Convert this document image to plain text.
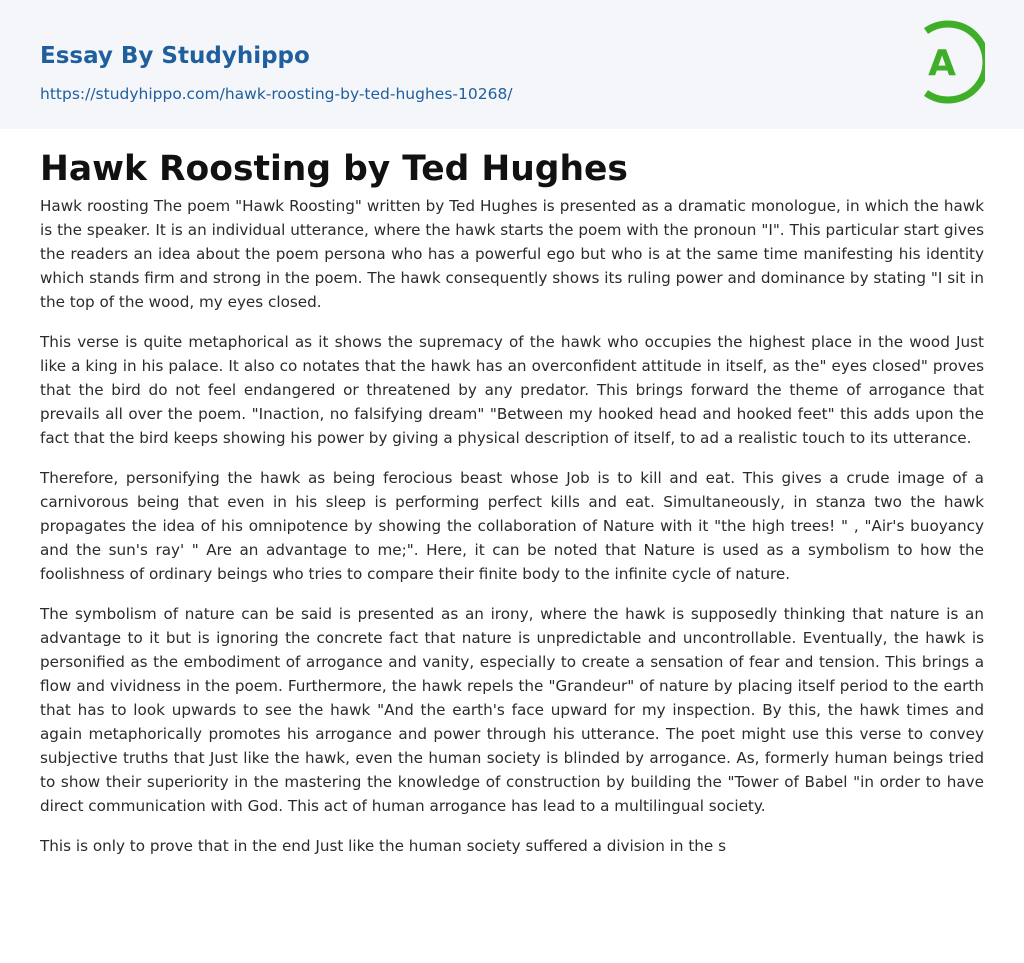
Essay By Studyhippo
https://studyhippo.com/hawk-roosting-by-ted-hughes-10268/
A
Hawk Roosting by Ted Hughes

Hawk roosting The poem "Hawk Roosting" written by Ted Hughes is presented as a dramatic monologue, in which the hawk is the speaker. It is an individual utterance, where the hawk starts the poem with the pronoun "I". This particular start gives the readers an idea about the poem persona who has a powerful ego but who is at the same time manifesting his identity which stands firm and strong in the poem. The hawk consequently shows its ruling power and dominance by stating "I sit in the top of the wood, my eyes closed.

This verse is quite metaphorical as it shows the supremacy of the hawk who occupies the highest place in the wood Just like a king in his palace. It also co notates that the hawk has an overconfident attitude in itself, as the" eyes closed" proves that the bird do not feel endangered or threatened by any predator. This brings forward the theme of arrogance that prevails all over the poem. "Inaction, no falsifying dream" "Between my hooked head and hooked feet" this adds upon the fact that the bird keeps showing his power by giving a physical description of itself, to ad a realistic touch to its utterance.

Therefore, personifying the hawk as being ferocious beast whose Job is to kill and eat. This gives a crude image of a carnivorous being that even in his sleep is performing perfect kills and eat. Simultaneously, in stanza two the hawk propagates the idea of his omnipotence by showing the collaboration of Nature with it "the high trees! " , "Air's buoyancy and the sun's ray' " Are an advantage to me;". Here, it can be noted that Nature is used as a symbolism to how the foolishness of ordinary beings who tries to compare their finite body to the infinite cycle of nature.

The symbolism of nature can be said is presented as an irony, where the hawk is supposedly thinking that nature is an advantage to it but is ignoring the concrete fact that nature is unpredictable and uncontrollable. Eventually, the hawk is personified as the embodiment of arrogance and vanity, especially to create a sensation of fear and tension. This brings a flow and vividness in the poem. Furthermore, the hawk repels the "Grandeur" of nature by placing itself period to the earth that has to look upwards to see the hawk "And the earth's face upward for my inspection. By this, the hawk times and again metaphorically promotes his arrogance and power through his utterance. The poet might use this verse to convey subjective truths that Just like the hawk, even the human society is blinded by arrogance. As, formerly human beings tried to show their superiority in the mastering the knowledge of construction by building the "Tower of Babel "in order to have direct communication with God. This act of human arrogance has lead to a multilingual society.

This is only to prove that in the end Just like the human society suffered a division in the s
